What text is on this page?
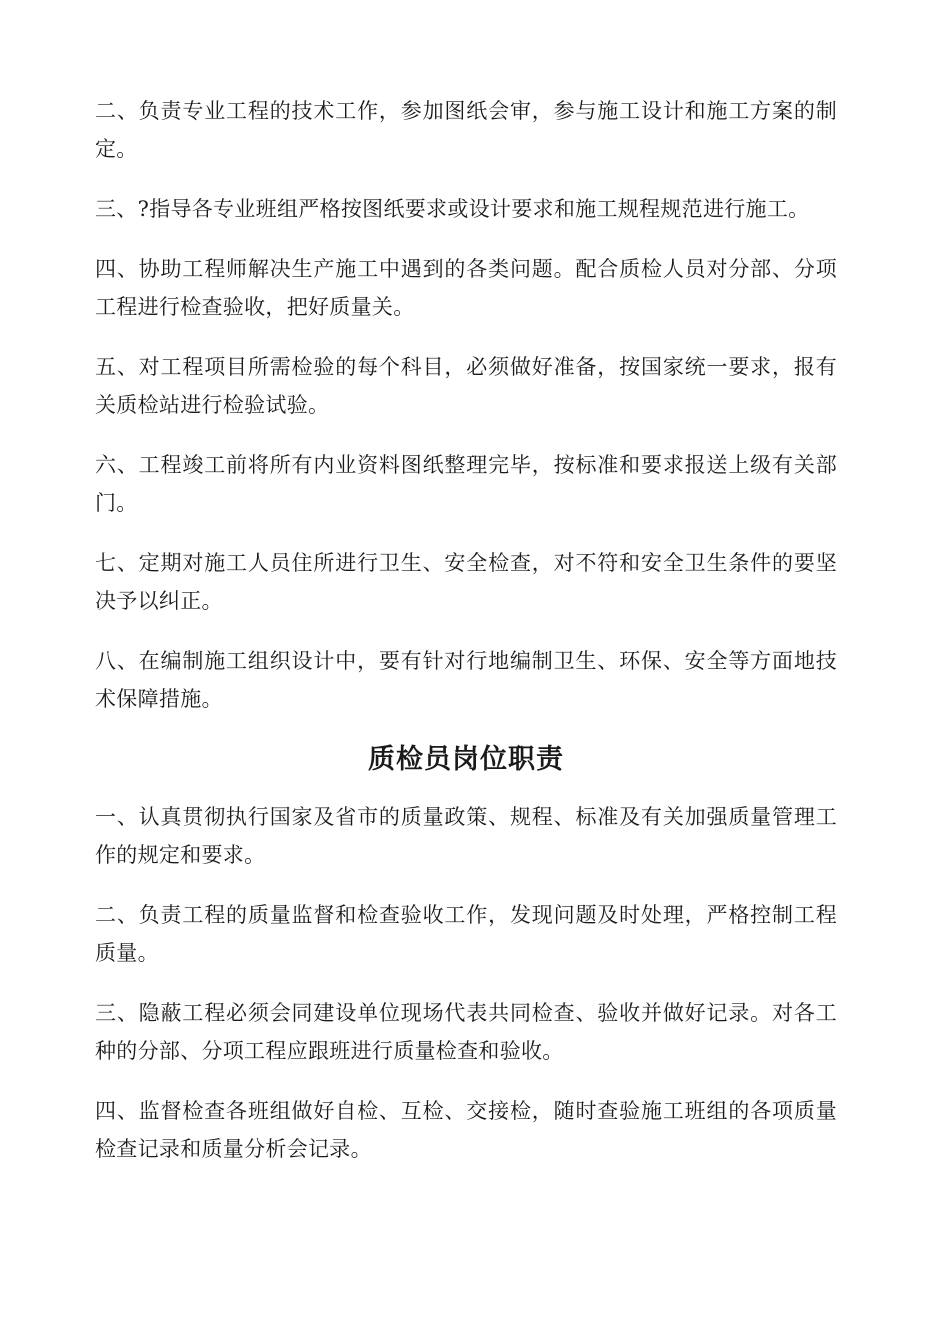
二、负责专业工程的技术工作，参加图纸会审，参与施工设计和施工方案的制定。

三、?指导各专业班组严格按图纸要求或设计要求和施工规程规范进行施工。

四、协助工程师解决生产施工中遇到的各类问题。配合质检人员对分部、分项工程进行检查验收，把好质量关。

五、对工程项目所需检验的每个科目，必须做好准备，按国家统一要求，报有关质检站进行检验试验。

六、工程竣工前将所有内业资料图纸整理完毕，按标准和要求报送上级有关部门。

七、定期对施工人员住所进行卫生、安全检查，对不符和安全卫生条件的要坚决予以纠正。

八、在编制施工组织设计中，要有针对行地编制卫生、环保、安全等方面地技术保障措施。

质检员岗位职责

一、认真贯彻执行国家及省市的质量政策、规程、标准及有关加强质量管理工作的规定和要求。

二、负责工程的质量监督和检查验收工作，发现问题及时处理，严格控制工程质量。

三、隐蔽工程必须会同建设单位现场代表共同检查、验收并做好记录。对各工种的分部、分项工程应跟班进行质量检查和验收。

四、监督检查各班组做好自检、互检、交接检，随时查验施工班组的各项质量检查记录和质量分析会记录。
